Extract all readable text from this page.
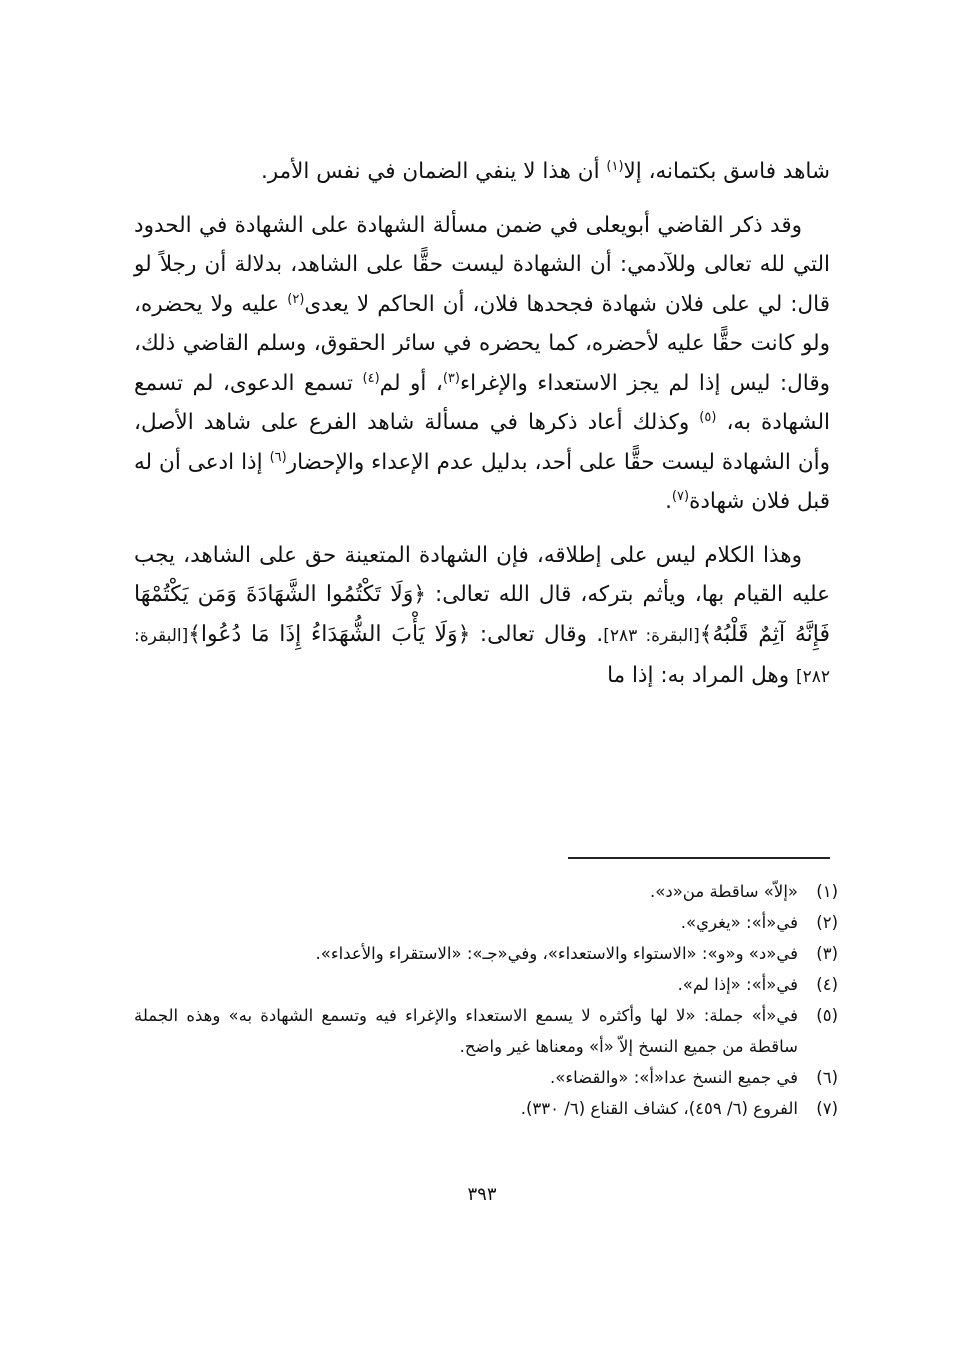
شاهد فاسق بكتمانه، إلا$^{(١)}$ أن هذا لا ينفي الضمان في نفس الأمر.

وقد ذكر القاضي أبويعلى في ضمن مسألة الشهادة على الشهادة في الحدود التي لله تعالى وللآدمي: أن الشهادة ليست حقًّا على الشاهد، بدلالة أن رجلاً لو قال: لي على فلان شهادة فجحدها فلان، أن الحاكم لا يعدى$^{(٢)}$ عليه ولا يحضره، ولو كانت حقًّا عليه لأحضره، كما يحضره في سائر الحقوق، وسلم القاضي ذلك، وقال: ليس إذا لم يجز الاستعداء والإغراء$^{(٣)}$، أو لم$^{(٤)}$ تسمع الدعوى، لم تسمع الشهادة به، $^{(٥)}$ وكذلك أعاد ذكرها في مسألة شاهد الفرع على شاهد الأصل، وأن الشهادة ليست حقًّا على أحد، بدليل عدم الإعداء والإحضار$^{(٦)}$ إذا ادعى أن له قبل فلان شهادة$^{(٧)}$.

وهذا الكلام ليس على إطلاقه، فإن الشهادة المتعينة حق على الشاهد، يجب عليه القيام بها، ويأثم بتركه، قال الله تعالى: ﴿وَلَا تَكْتُمُوا الشَّهَادَةَ وَمَن يَكْتُمْهَا فَإِنَّهُ آثِمٌ قَلْبُهُ﴾[البقرة: ٢٨٣]. وقال تعالى: ﴿وَلَا يَأْبَ الشُّهَدَاءُ إِذَا مَا دُعُوا﴾[البقرة: ٢٨٢] وهل المراد به: إذا ما

(١)
«إلاّ» ساقطة من«د».
(٢)
في«أ»: «يغري».
(٣)
في«د» و«و»: «الاستواء والاستعداء»، وفي«جـ»: «الاستقراء والأعداء».
(٤)
في«أ»: «إذا لم».
(٥)
في«أ» جملة: «لا لها وأكثره لا يسمع الاستعداء والإغراء فيه وتسمع الشهادة به» وهذه الجملة ساقطة من جميع النسخ إلاّ «أ» ومعناها غير واضح.
(٦)
في جميع النسخ عدا«أ»: «والقضاء».
(٧)
الفروع (٦/ ٤٥٩)، كشاف القناع (٦/ ٣٣٠).
٣٩٣
